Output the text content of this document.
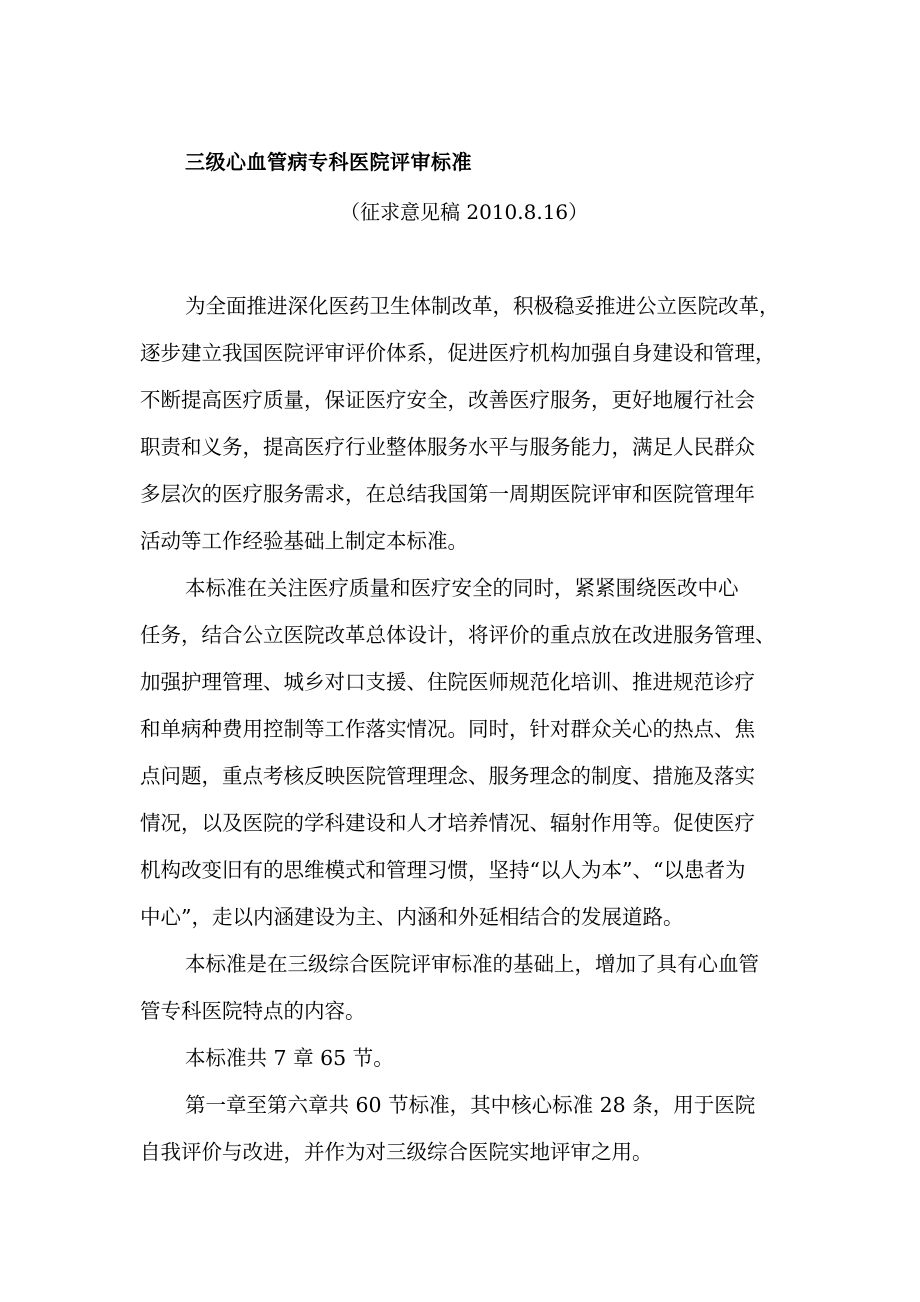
三级心血管病专科医院评审标准
（征求意见稿 2010.8.16）
为全面推进深化医药卫生体制改革，积极稳妥推进公立医院改革，
逐步建立我国医院评审评价体系，促进医疗机构加强自身建设和管理，
不断提高医疗质量，保证医疗安全，改善医疗服务，更好地履行社会
职责和义务，提高医疗行业整体服务水平与服务能力，满足人民群众
多层次的医疗服务需求，在总结我国第一周期医院评审和医院管理年
活动等工作经验基础上制定本标准。
本标准在关注医疗质量和医疗安全的同时，紧紧围绕医改中心
任务，结合公立医院改革总体设计，将评价的重点放在改进服务管理、
加强护理管理、城乡对口支援、住院医师规范化培训、推进规范诊疗
和单病种费用控制等工作落实情况。同时，针对群众关心的热点、焦
点问题，重点考核反映医院管理理念、服务理念的制度、措施及落实
情况，以及医院的学科建设和人才培养情况、辐射作用等。促使医疗
机构改变旧有的思维模式和管理习惯，坚持“以人为本”、“以患者为
中心”，走以内涵建设为主、内涵和外延相结合的发展道路。
本标准是在三级综合医院评审标准的基础上，增加了具有心血管
管专科医院特点的内容。
本标准共 7 章 65 节。
第一章至第六章共 60 节标准，其中核心标准 28 条，用于医院
自我评价与改进，并作为对三级综合医院实地评审之用。
